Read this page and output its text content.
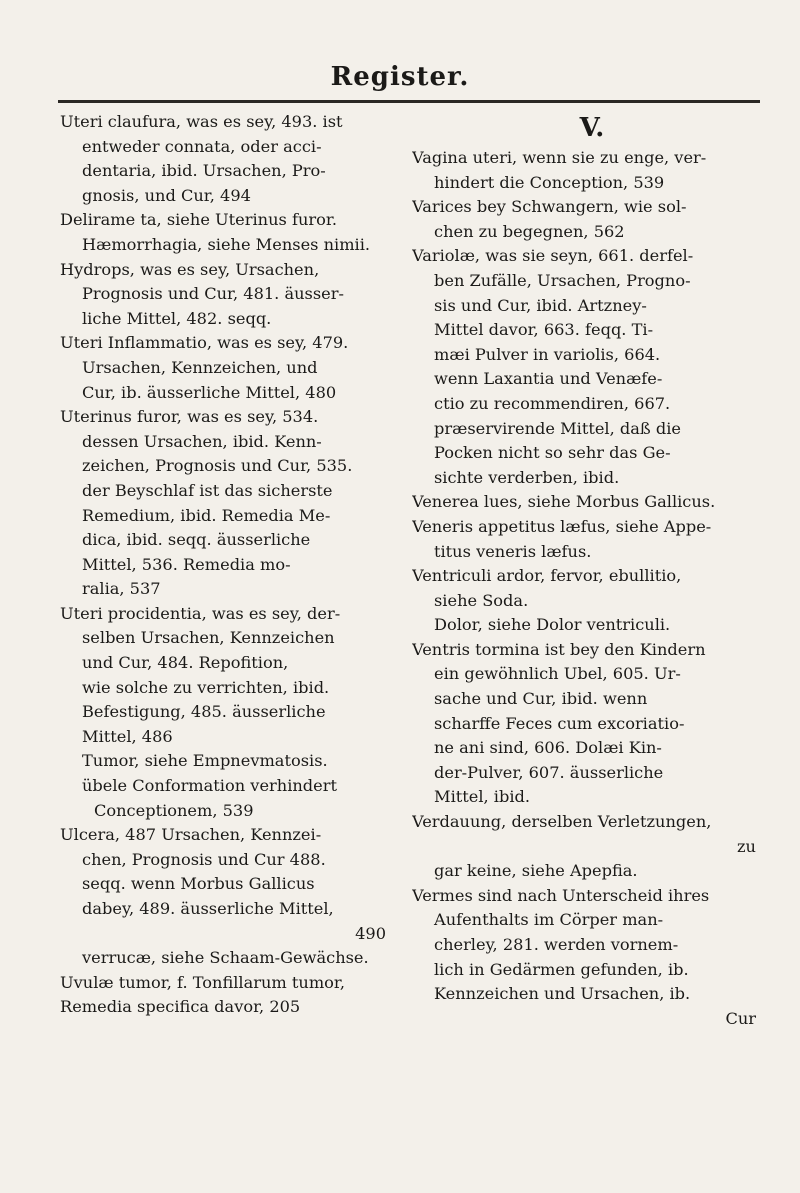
Register.
Uteri claufura, was es sey, 493. ist
entweder connata, oder acci-
dentaria, ibid. Ursachen, Pro-
gnosis, und Cur, 494
Delirame ta, siehe Uterinus furor.
Hæmorrhagia, siehe Menses nimii.
Hydrops, was es sey, Ursachen,
Prognosis und Cur, 481. äusser-
liche Mittel, 482. seqq.
Uteri Inflammatio, was es sey, 479.
Ursachen, Kennzeichen, und
Cur, ib. äusserliche Mittel, 480
Uterinus furor, was es sey, 534.
dessen Ursachen, ibid. Kenn-
zeichen, Prognosis und Cur, 535.
der Beyschlaf ist das sicherste
Remedium, ibid. Remedia Me-
dica, ibid. seqq. äusserliche
Mittel, 536. Remedia mo-
ralia, 537
Uteri procidentia, was es sey, der-
selben Ursachen, Kennzeichen
und Cur, 484. Repofition,
wie solche zu verrichten, ibid.
Befestigung, 485. äusserliche
Mittel, 486
Tumor, siehe Empnevmatosis.
übele Conformation verhindert
Conceptionem, 539
Ulcera, 487 Ursachen, Kennzei-
chen, Prognosis und Cur 488.
seqq. wenn Morbus Gallicus
dabey, 489. äusserliche Mittel,
490
verrucæ, siehe Schaam-Gewächse.
Uvulæ tumor, f. Tonfillarum tumor,
Remedia specifica davor, 205
V.
Vagina uteri, wenn sie zu enge, ver-
hindert die Conception, 539
Varices bey Schwangern, wie sol-
chen zu begegnen, 562
Variolæ, was sie seyn, 661. derfel-
ben Zufälle, Ursachen, Progno-
sis und Cur, ibid. Artzney-
Mittel davor, 663. feqq. Ti-
mæi Pulver in variolis, 664.
wenn Laxantia und Venæfe-
ctio zu recommendiren, 667.
præservirende Mittel, daß die
Pocken nicht so sehr das Ge-
sichte verderben, ibid.
Venerea lues, siehe Morbus Gallicus.
Veneris appetitus læfus, siehe Appe-
titus veneris læfus.
Ventriculi ardor, fervor, ebullitio,
siehe Soda.
Dolor, siehe Dolor ventriculi.
Ventris tormina ist bey den Kindern
ein gewöhnlich Ubel, 605. Ur-
sache und Cur, ibid. wenn
scharffe Feces cum excoriatio-
ne ani sind, 606. Dolæi Kin-
der-Pulver, 607. äusserliche
Mittel, ibid.
Verdauung, derselben Verletzungen,
zu
gar keine, siehe Apepfia.
Vermes sind nach Unterscheid ihres
Aufenthalts im Cörper man-
cherley, 281. werden vornem-
lich in Gedärmen gefunden, ib.
Kennzeichen und Ursachen, ib.
Cur
